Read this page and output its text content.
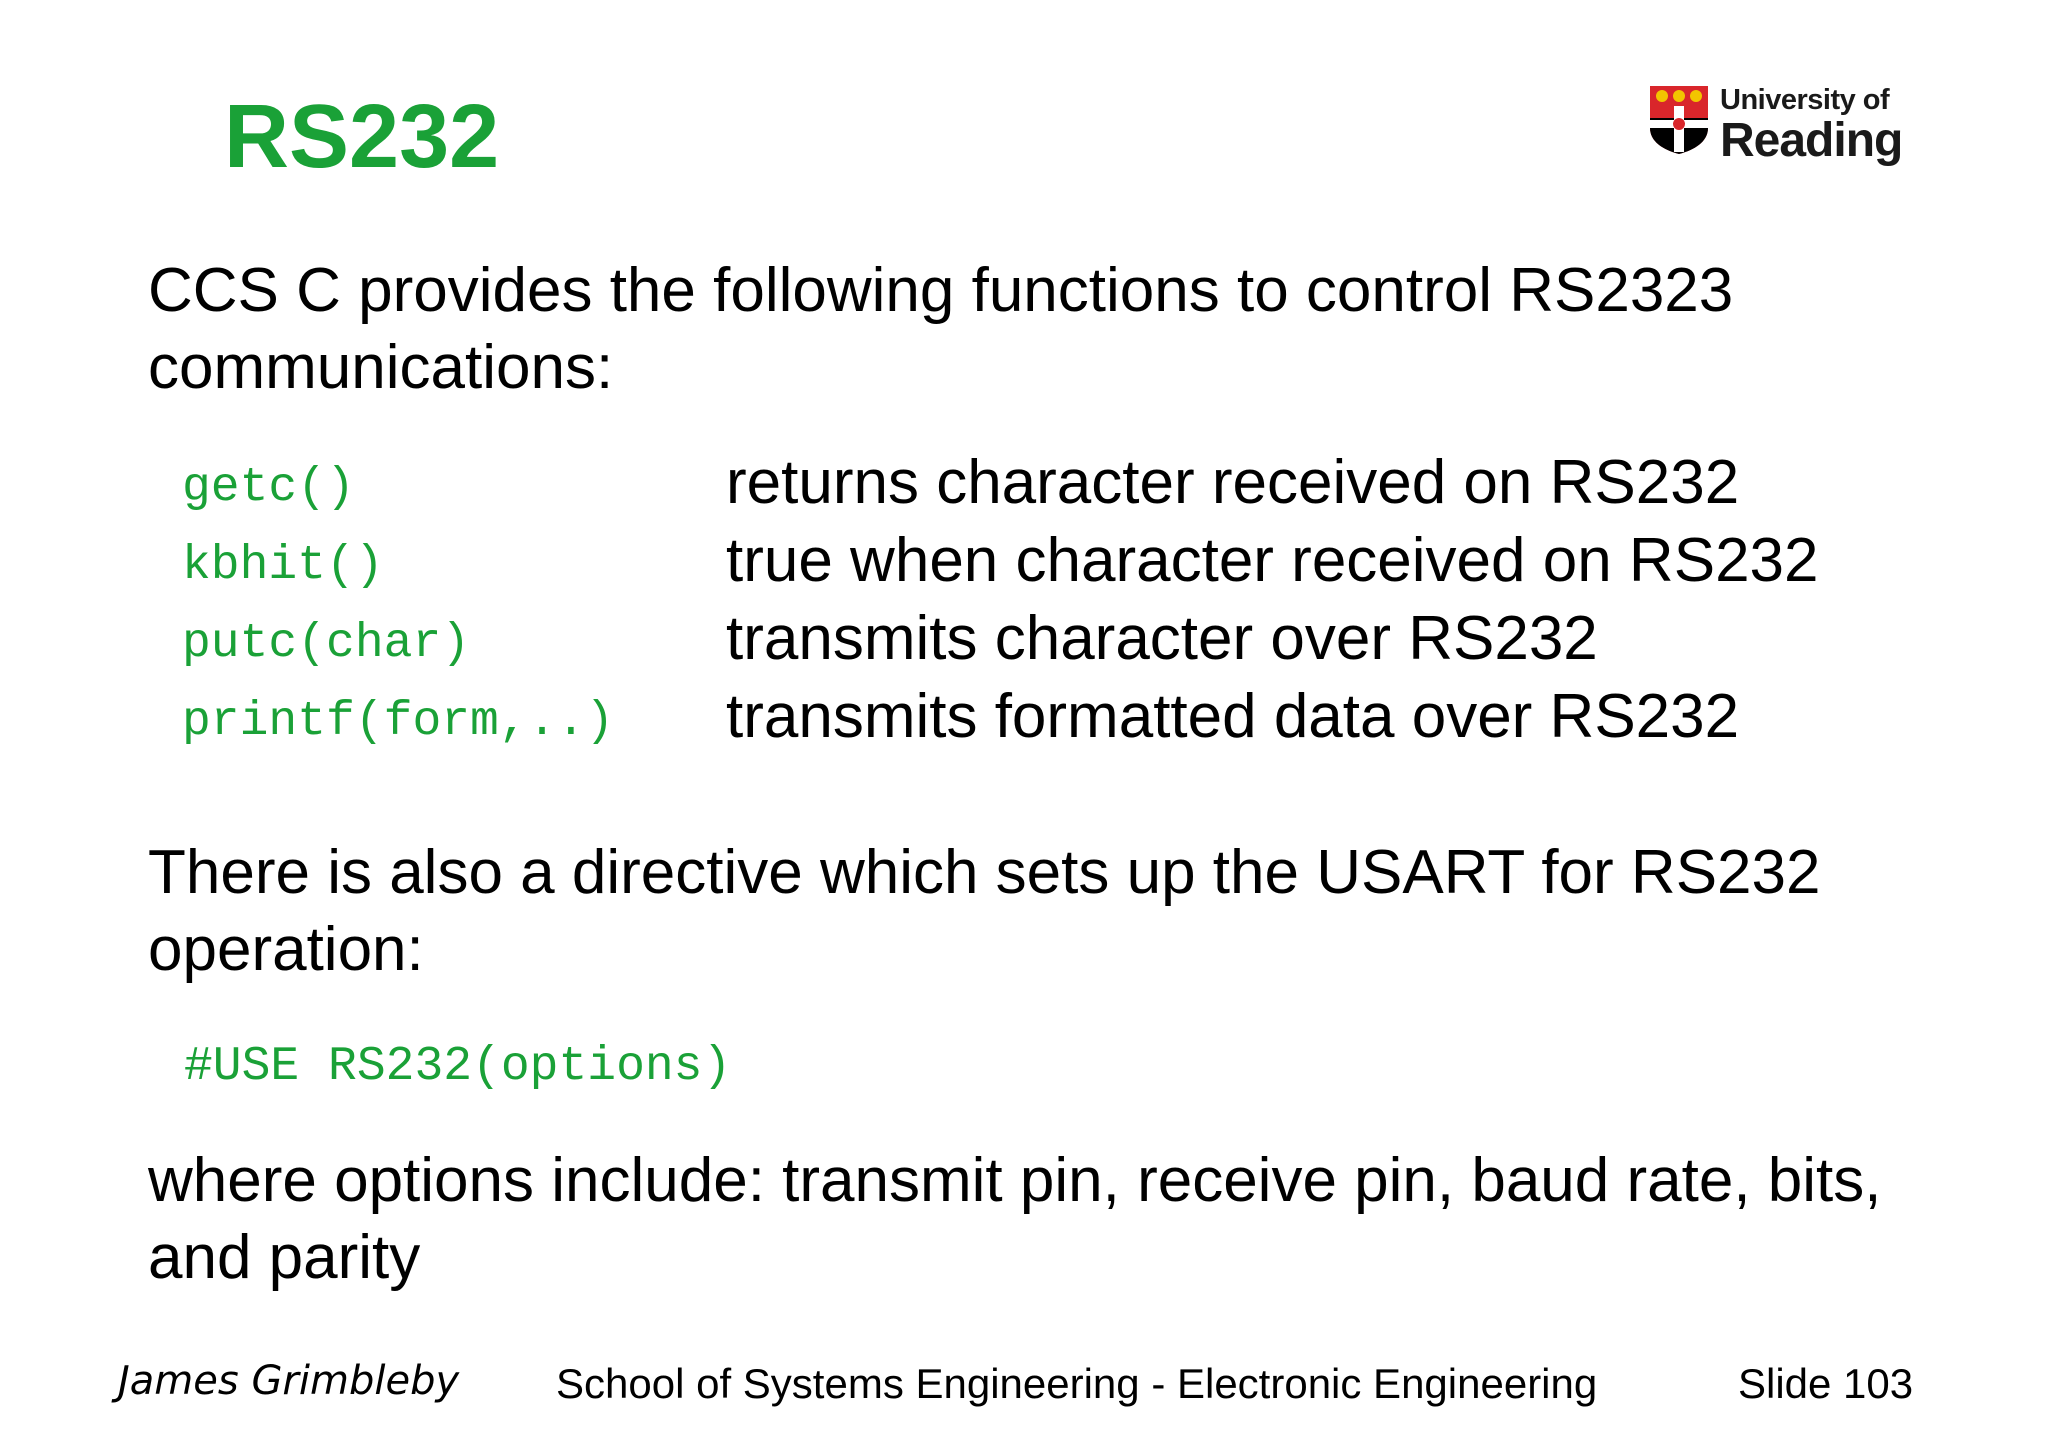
RS232	University of
Reading

CCS C provides the following functions to control RS2323 communications:

getc()	returns character received on RS232
kbhit()	true when character received on RS232
putc(char)	transmits character over RS232
printf(form,..) transmits formatted data over RS232

There is also a directive which sets up the USART for RS232 operation:

#USE RS232(options)

where options include: transmit pin, receive pin, baud rate, bits, and parity

James Grimbleby School of Systems Engineering - Electronic Engineering	Slide 103
